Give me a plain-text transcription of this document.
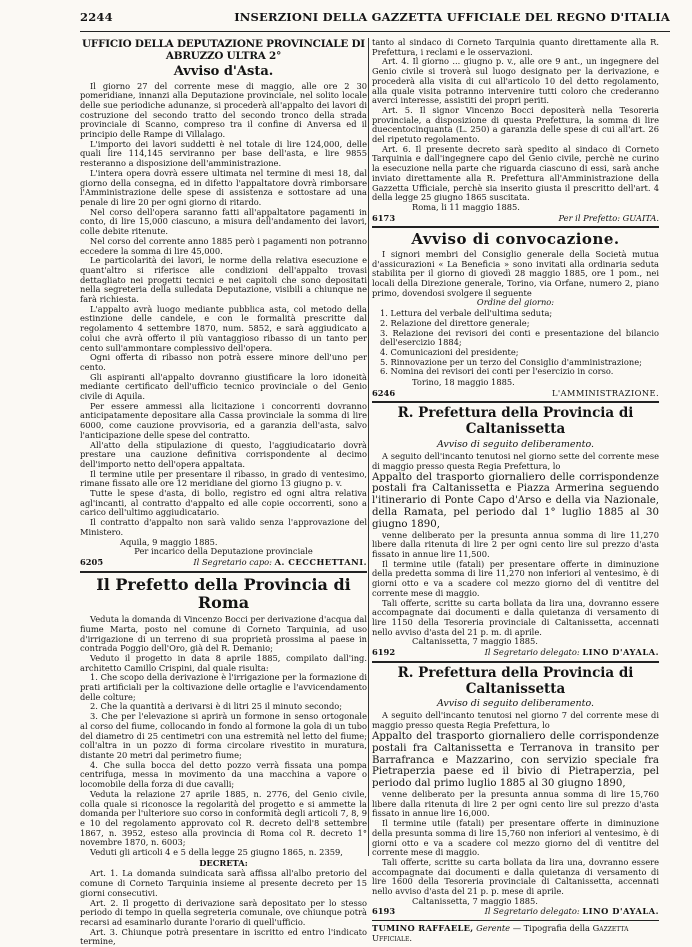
2244	INSERZIONI DELLA GAZZETTA UFFICIALE DEL REGNO D'ITALIA
UFFICIO DELLA DEPUTAZIONE PROVINCIALE DI ABRUZZO ULTRA 2°
Avviso d'Asta.

Il giorno 27 del corrente mese di maggio, alle ore 2 30 pomeridiane, innanzi alla Deputazione provinciale, nel solito locale delle sue periodiche adunanze, si procederà all'appalto dei lavori di costruzione del secondo tratto del secondo tronco della strada provinciale di Scanno, compreso tra il confine di Anversa ed il principio delle Rampe di Villalago.

L'importo dei lavori suddetti è nel totale di lire 124,000, delle quali lire 114,145 serviranno per base dell'asta, e lire 9855 resteranno a disposizione dell'amministrazione.

L'intera opera dovrà essere ultimata nel termine di mesi 18, dal giorno della consegna, ed in difetto l'appaltatore dovrà rimborsare l'Amministrazione delle spese di assistenza e sottostare ad una penale di lire 20 per ogni giorno di ritardo.

Nel corso dell'opera saranno fatti all'appaltatore pagamenti in conto, di lire 15,000 ciascuno, a misura dell'andamento dei lavori, colle debite ritenute.

Nel corso del corrente anno 1885 però i pagamenti non potranno eccedere la somma di lire 45,000.

Le particolarità dei lavori, le norme della relativa esecuzione e quant'altro si riferisce alle condizioni dell'appalto trovasi dettagliato nei progetti tecnici e nei capitoli che sono depositati nella segreteria della sulledata Deputazione, visibili a chiunque ne farà richiesta.

L'appalto avrà luogo mediante pubblica asta, col metodo della estinzione delle candele, e con le formalità prescritte dal regolamento 4 settembre 1870, num. 5852, e sarà aggiudicato a colui che avrà offerto il più vantaggioso ribasso di un tanto per cento sull'ammontare complessivo dell'opera.

Ogni offerta di ribasso non potrà essere minore dell'uno per cento.

Gli aspiranti all'appalto dovranno giustificare la loro idoneità mediante certificato dell'ufficio tecnico provinciale o del Genio civile di Aquila.

Per essere ammessi alla licitazione i concorrenti dovranno anticipatamente depositare alla Cassa provinciale la somma di lire 6000, come cauzione provvisoria, ed a garanzia dell'asta, salvo l'anticipazione delle spese del contratto.

All'atto della stipulazione di questo, l'aggiudicatario dovrà prestare una cauzione definitiva corrispondente al decimo dell'importo netto dell'opera appaltata.

Il termine utile per presentare il ribasso, in grado di ventesimo, rimane fissato alle ore 12 meridiane del giorno 13 giugno p. v.

Tutte le spese d'asta, di bollo, registro ed ogni altra relativa agl'incanti, al contratto d'appalto ed alle copie occorrenti, sono a carico dell'ultimo aggiudicatario.

Il contratto d'appalto non sarà valido senza l'approvazione del Ministero.

Aquila, 9 maggio 1885.

Per incarico della Deputazione provinciale

6205	Il Segretario capo: A. CECCHETTANI.
Il Prefetto della Provincia di Roma

Veduta la domanda di Vincenzo Bocci per derivazione d'acqua dal fiume Marta, posto nel comune di Corneto Tarquinia, ad uso d'irrigazione di un terreno di sua proprietà prossima al paese in contrada Poggio dell'Oro, già del R. Demanio;

Veduto il progetto in data 8 aprile 1885, compilato dall'ing. architetto Camillo Crispini, dal quale risulta:

1. Che scopo della derivazione è l'irrigazione per la formazione di prati artificiali per la coltivazione delle ortaglie e l'avvicendamento delle colture;

2. Che la quantità a derivarsi è di litri 25 il minuto secondo;

3. Che per l'elevazione si aprirà un formone in senso ortogonale al corso del fiume, collocando in fondo al formone la gola di un tubo del diametro di 25 centimetri con una estremità nel letto del fiume; coll'altra in un pozzo di forma circolare rivestito in muratura, distante 20 metri dal perimetro fiume;

4. Che sulla bocca del detto pozzo verrà fissata una pompa centrifuga, messa in movimento da una macchina a vapore o locomobile della forza di due cavalli;

Veduta la relazione 27 aprile 1885, n. 2776, del Genio civile, colla quale si riconosce la regolarità del progetto e si ammette la domanda per l'ulteriore suo corso in conformità degli articoli 7, 8, 9 e 10 del regolamento approvato col R. decreto dell'8 settembre 1867, n. 3952, esteso alla provincia di Roma col R. decreto 1° novembre 1870, n. 6003;

Veduti gli articoli 4 e 5 della legge 25 giugno 1865, n. 2359,

DECRETA:

Art. 1. La domanda suindicata sarà affissa all'albo pretorio del comune di Corneto Tarquinia insieme al presente decreto per 15 giorni consecutivi.

Art. 2. Il progetto di derivazione sarà depositato per lo stesso periodo di tempo in quella segreteria comunale, ove chiunque potrà recarsi ad esaminarlo durante l'orario di quell'ufficio.

Art. 3. Chiunque potrà presentare in iscritto ed entro l'indicato termine,

tanto al sindaco di Corneto Tarquinia quanto direttamente alla R. Prefettura, i reclami e le osservazioni.

Art. 4. Il giorno ... giugno p. v., alle ore 9 ant., un ingegnere del Genio civile si troverà sul luogo designato per la derivazione, e procederà alla visita di cui all'articolo 10 del detto regolamento, alla quale visita potranno intervenire tutti coloro che crederanno averci interesse, assistiti dei propri periti.

Art. 5. Il signor Vincenzo Bocci depositerà nella Tesoreria provinciale, a disposizione di questa Prefettura, la somma di lire duecentocinquanta (L. 250) a garanzia delle spese di cui all'art. 26 del ripetuto regolamento.

Art. 6. Il presente decreto sarà spedito al sindaco di Corneto Tarquinia e dall'ingegnere capo del Genio civile, perchè ne curino la esecuzione nella parte che riguarda ciascuno di essi, sarà anche inviato direttamente alla R. Prefettura all'Amministrazione della Gazzetta Ufficiale, perchè sia inserito giusta il prescritto dell'art. 4 della legge 25 giugno 1865 suscitata.

Roma, li 11 maggio 1885.

6173	Per il Prefetto: GUAITA.
Avviso di convocazione.

I signori membri del Consiglio generale della Società mutua d'assicurazioni « La Beneficia » sono invitati alla ordinaria seduta stabilita per il giorno di giovedì 28 maggio 1885, ore 1 pom., nei locali della Direzione generale, Torino, via Orfane, numero 2, piano primo, dovendosi svolgere il seguente

Ordine del giorno:

1. Lettura del verbale dell'ultima seduta;

2. Relazione del direttore generale;

3. Relazione dei revisori dei conti e presentazione del bilancio dell'esercizio 1884;

4. Comunicazioni del presidente;

5. Rinnovazione per un terzo del Consiglio d'amministrazione;

6. Nomina dei revisori dei conti per l'esercizio in corso.

Torino, 18 maggio 1885.

6246	L'AMMINISTRAZIONE.
R. Prefettura della Provincia di Caltanissetta
Avviso di seguito deliberamento.

A seguito dell'incanto tenutosi nel giorno sette del corrente mese di maggio presso questa Regia Prefettura, lo

Appalto del trasporto giornaliero delle corrispondenze postali fra Caltanissetta e Piazza Armerina seguendo l'itinerario di Ponte Capo d'Arso e della via Nazionale, della Ramata, pel periodo dal 1° luglio 1885 al 30 giugno 1890,

venne deliberato per la presunta annua somma di lire 11,270 libere dalla ritenuta di lire 2 per ogni cento lire sul prezzo d'asta fissato in annue lire 11,500.

Il termine utile (fatali) per presentare offerte in diminuzione della predetta somma di lire 11,270 non inferiori al ventesimo, è di giorni otto e va a scadere col mezzo giorno del dì ventitre del corrente mese di maggio.

Tali offerte, scritte su carta bollata da lira una, dovranno essere accompagnate dai documenti e dalla quietanza di versamento di lire 1150 della Tesoreria provinciale di Caltanissetta, accennati nello avviso d'asta del 21 p. m. di aprile.

Caltanissetta, 7 maggio 1885.

6192	Il Segretario delegato: LINO D'AYALA.
R. Prefettura della Provincia di Caltanissetta
Avviso di seguito deliberamento.

A seguito dell'incanto tenutosi nel giorno 7 del corrente mese di maggio presso questa Regia Prefettura, lo

Appalto del trasporto giornaliero delle corrispondenze postali fra Caltanissetta e Terranova in transito per Barrafranca e Mazzarino, con servizio speciale fra Pietraperzia paese ed il bivio di Pietraperzia, pel periodo dal primo luglio 1885 al 30 giugno 1890,

venne deliberato per la presunta annua somma di lire 15,760 libere dalla ritenuta di lire 2 per ogni cento lire sul prezzo d'asta fissato in annue lire 16,000.

Il termine utile (fatali) per presentare offerte in diminuzione della presunta somma di lire 15,760 non inferiori al ventesimo, è di giorni otto e va a scadere col mezzo giorno del dì ventitre del corrente mese di maggio.

Tali offerte, scritte su carta bollata da lira una, dovranno essere accompagnate dai documenti e dalla quietanza di versamento di lire 1600 della Tesoreria provinciale di Caltanissetta, accennati nello avviso d'asta del 21 p. p. mese di aprile.

Caltanissetta, 7 maggio 1885.

6193	Il Segretario delegato: LINO D'AYALA.

TUMINO RAFFAELE, Gerente — Tipografia della Gazzetta Ufficiale.
